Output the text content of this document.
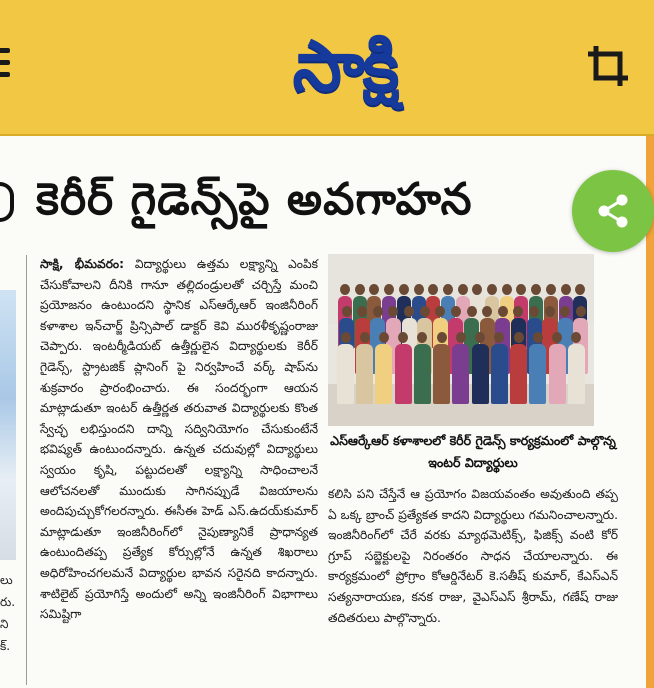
సాక్షి
కెరీర్ గైడెన్స్‌పై అవగాహన
లు
రు.
ని
క్.
సాక్షి, భీమవరం: విద్యార్థులు ఉత్తమ లక్ష్యాన్ని ఎంపిక చేసుకోవాలని దీనికి గానూ తల్లిదండ్రులతో చర్చిస్తే మంచి ప్రయోజనం ఉంటుందని స్థానిక ఎస్ఆర్కేఆర్ ఇంజినీరింగ్ కళాశాల ఇన్‌చార్జ్ ప్రిన్సిపాల్ డాక్టర్ కెవి మురళీకృష్ణంరాజు చెప్పారు. ఇంటర్మీడియట్ ఉత్తీర్ణులైన విద్యార్థులకు కెరీర్ గైడెన్స్, స్ట్రాటజిక్ ప్లానింగ్ పై నిర్వహించే వర్క్ షాప్‌ను శుక్రవారం ప్రారంభించారు. ఈ సందర్భంగా ఆయన మాట్లాడుతూ ఇంటర్ ఉత్తీర్ణత తరువాత విద్యార్థులకు కొంత స్వేచ్ఛ లభిస్తుందని దాన్ని సద్వినియోగం చేసుకుంటేనే భవిష్యత్ ఉంటుందన్నారు. ఉన్నత చదువుల్లో విద్యార్థులు స్వయం కృషి, పట్టుదలతో లక్ష్యాన్ని సాధించాలనే ఆలోచనలతో ముందుకు సాగినప్పుడే విజయాలను అందిపుచ్చుకోగలరన్నారు. ఈసీఈ హెడ్ ఎస్.ఉదయ్‌కుమార్ మాట్లాడుతూ ఇంజినీరింగ్‌లో నైపుణ్యానికే ప్రాధాన్యత ఉంటుందితప్ప ప్రత్యేక కోర్సుల్లోనే ఉన్నత శిఖరాలు అధిరోహించగలమనే విద్యార్థుల భావన సరైనది కాదన్నారు. శాటిలైట్ ప్రయోగిస్తే అందులో అన్ని ఇంజినీరింగ్ విభాగాలు సమిష్టిగా
ఎస్ఆర్కేఆర్ కళాశాలలో కెరీర్ గైడెన్స్ కార్యక్రమంలో పాల్గొన్న ఇంటర్ విద్యార్థులు
కలిసి పని చేస్తేనే ఆ ప్రయోగం విజయవంతం అవుతుంది తప్ప ఏ ఒక్క బ్రాంచ్ ప్రత్యేకత కాదని విద్యార్థులు గమనించాలన్నారు. ఇంజినీరింగ్‌లో చేరే వరకు మ్యాథమెటిక్స్, ఫిజిక్స్ వంటి కోర్ గ్రూప్ సబ్జెక్టులపై నిరంతరం సాధన చేయాలన్నారు. ఈ కార్యక్రమంలో ప్రోగ్రాం కోఆర్డినేటర్ కె.సతీష్ కుమార్, కేఎస్ఎన్ సత్యనారాయణ, కనక రాజు, వైఎస్ఎస్ శ్రీరామ్, గణేష్ రాజు తదితరులు పాల్గొన్నారు.
